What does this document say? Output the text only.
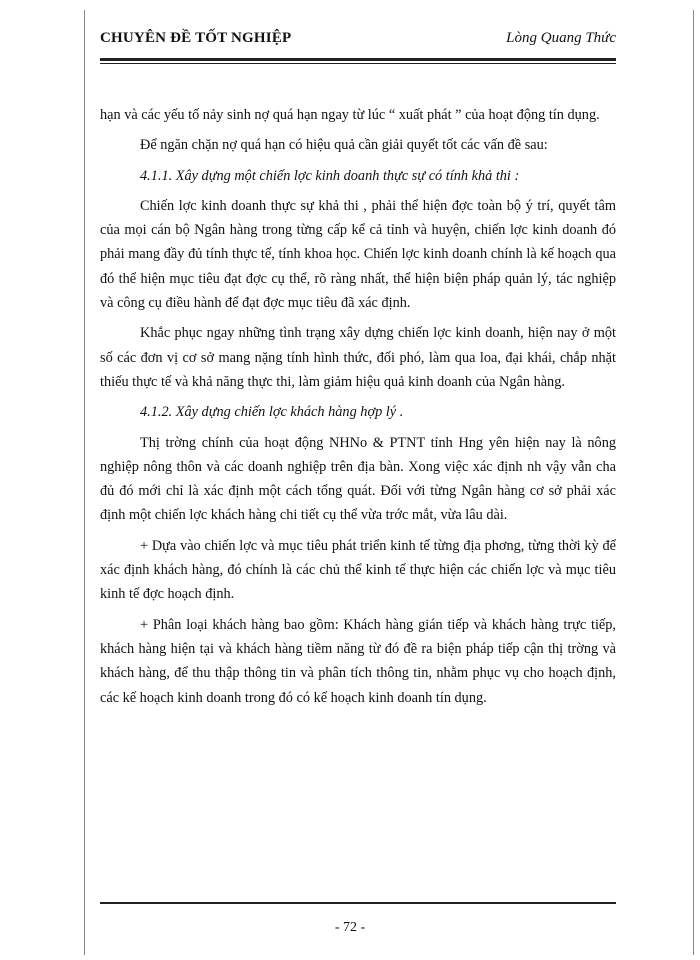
CHUYÊN ĐỀ TỐT NGHIỆP	Lòng Quang Thức

hạn và các yếu tố nảy sinh nợ quá hạn ngay từ lúc “ xuất phát ” của hoạt động tín dụng.

Để ngăn chặn nợ quá hạn có hiệu quả cần giải quyết tốt các vấn đề sau:

4.1.1. Xây dựng một chiến lợc kinh doanh thực sự có tính khả thi :

Chiến lợc kinh doanh thực sự khả thi , phải thể hiện đợc toàn bộ ý trí, quyết tâm của mọi cán bộ Ngân hàng trong từng cấp kể cả tỉnh và huyện, chiến lợc kinh doanh đó phải mang đầy đủ tính thực tế, tính khoa học. Chiến lợc kinh doanh chính là kế hoạch qua đó thể hiện mục tiêu đạt đợc cụ thể, rõ ràng nhất, thể hiện biện pháp quản lý, tác nghiệp và công cụ điều hành để đạt đợc mục tiêu đã xác định.

Khắc phục ngay những tình trạng xây dựng chiến lợc kinh doanh, hiện nay ở một số các đơn vị cơ sở mang nặng tính hình thức, đối phó, làm qua loa, đại khái, chắp nhặt thiếu thực tế và khả năng thực thi, làm giảm hiệu quả kinh doanh của Ngân hàng.

4.1.2. Xây dựng chiến lợc khách hàng hợp lý .

Thị trờng chính của hoạt động NHNo & PTNT tỉnh Hng yên hiện nay là nông nghiệp nông thôn và các doanh nghiệp trên địa bàn. Xong việc xác định nh vậy vẫn cha đủ đó mới chỉ là xác định một cách tổng quát. Đối với từng Ngân hàng cơ sở phải xác định một chiến lợc khách hàng chi tiết cụ thể vừa trớc mắt, vừa lâu dài.

+ Dựa vào chiến lợc và mục tiêu phát triển kinh tế từng địa phơng, từng thời kỳ để xác định khách hàng, đó chính là các chủ thể kinh tế thực hiện các chiến lợc và mục tiêu kinh tế đợc hoạch định.

+ Phân loại khách hàng bao gồm: Khách hàng gián tiếp và khách hàng trực tiếp, khách hàng hiện tại và khách hàng tiềm năng từ đó đề ra biện pháp tiếp cận thị trờng và khách hàng, để thu thập thông tin và phân tích thông tin, nhằm phục vụ cho hoạch định, các kế hoạch kinh doanh trong đó có kế hoạch kinh doanh tín dụng.

- 72 -
